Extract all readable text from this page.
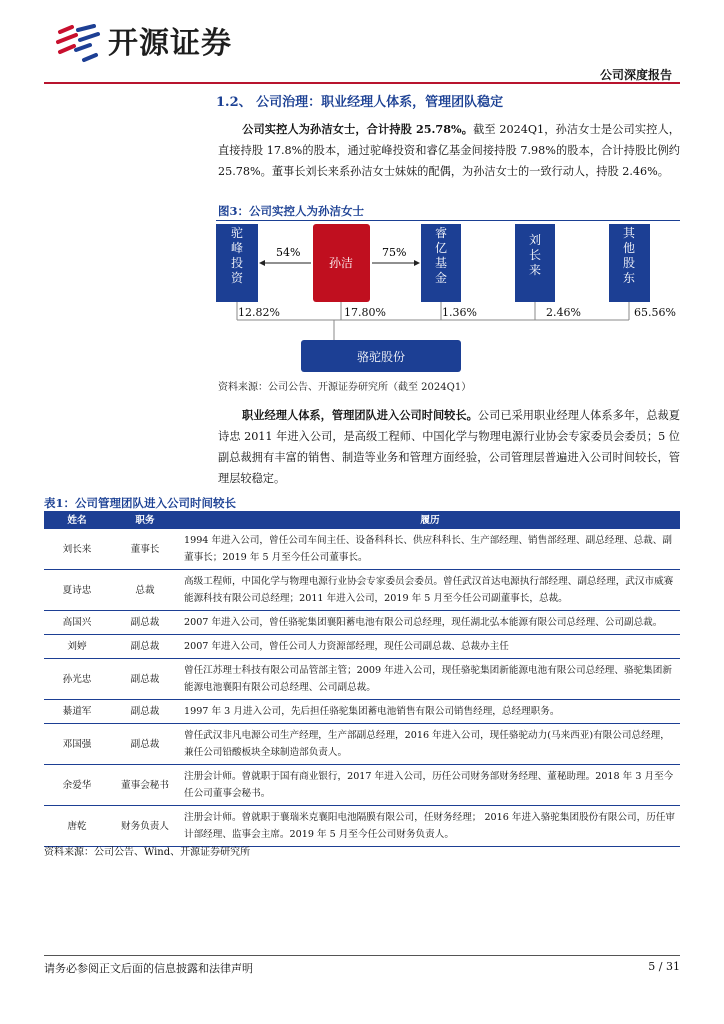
开源证券
公司深度报告
1.2、 公司治理：职业经理人体系，管理团队稳定
公司实控人为孙洁女士，合计持股 25.78%。截至 2024Q1，孙洁女士是公司实控人，直接持股 17.8%的股本，通过驼峰投资和睿亿基金间接持股 7.98%的股本，合计持股比例约 25.78%。董事长刘长来系孙洁女士妹妹的配偶，为孙洁女士的一致行动人，持股 2.46%。
图3：公司实控人为孙洁女士
驼峰投资
孙洁
睿亿基金
刘长来
其他股东
54%	75%
12.82%	17.80%	1.36%	2.46%	65.56%
骆驼股份
资料来源：公司公告、开源证券研究所（截至 2024Q1）
职业经理人体系，管理团队进入公司时间较长。公司已采用职业经理人体系多年，总裁夏诗忠 2011 年进入公司，是高级工程师、中国化学与物理电源行业协会专家委员会委员；5 位副总裁拥有丰富的销售、制造等业务和管理方面经验，公司管理层普遍进入公司时间较长，管理层较稳定。
表1：公司管理团队进入公司时间较长
姓名	职务	履历
刘长来	董事长	1994 年进入公司，曾任公司车间主任、设备科科长、供应科科长、生产部经理、销售部经理、副总经理、总裁、副董事长；2019 年 5 月至今任公司董事长。
夏诗忠	总裁	高级工程师，中国化学与物理电源行业协会专家委员会委员。曾任武汉首达电源执行部经理、副总经理，武汉市威赛能源科技有限公司总经理；2011 年进入公司，2019 年 5 月至今任公司副董事长，总裁。
高国兴	副总裁	2007 年进入公司，曾任骆驼集团襄阳蓄电池有限公司总经理，现任湖北弘本能源有限公司总经理、公司副总裁。
刘婷	副总裁	2007 年进入公司，曾任公司人力资源部经理，现任公司副总裁、总裁办主任
孙光忠	副总裁	曾任江苏理士科技有限公司品管部主管；2009 年进入公司，现任骆驼集团新能源电池有限公司总经理、骆驼集团新能源电池襄阳有限公司总经理、公司副总裁。
綦道军	副总裁	1997 年 3 月进入公司，先后担任骆驼集团蓄电池销售有限公司销售经理，总经理职务。
邓国强	副总裁	曾任武汉非凡电源公司生产经理，生产部副总经理，2016 年进入公司，现任骆驼动力(马来西亚)有限公司总经理，兼任公司铅酸板块全球制造部负责人。
余爱华	董事会秘书	注册会计师。曾就职于国有商业银行，2017 年进入公司，历任公司财务部财务经理、董秘助理。2018 年 3 月至今任公司董事会秘书。
唐乾	财务负责人	注册会计师。曾就职于襄瑞米克襄阳电池隔膜有限公司，任财务经理； 2016 年进入骆驼集团股份有限公司，历任审计部经理、监事会主席。2019 年 5 月至今任公司财务负责人。
资料来源：公司公告、Wind、开源证券研究所
请务必参阅正文后面的信息披露和法律声明	5 / 31
